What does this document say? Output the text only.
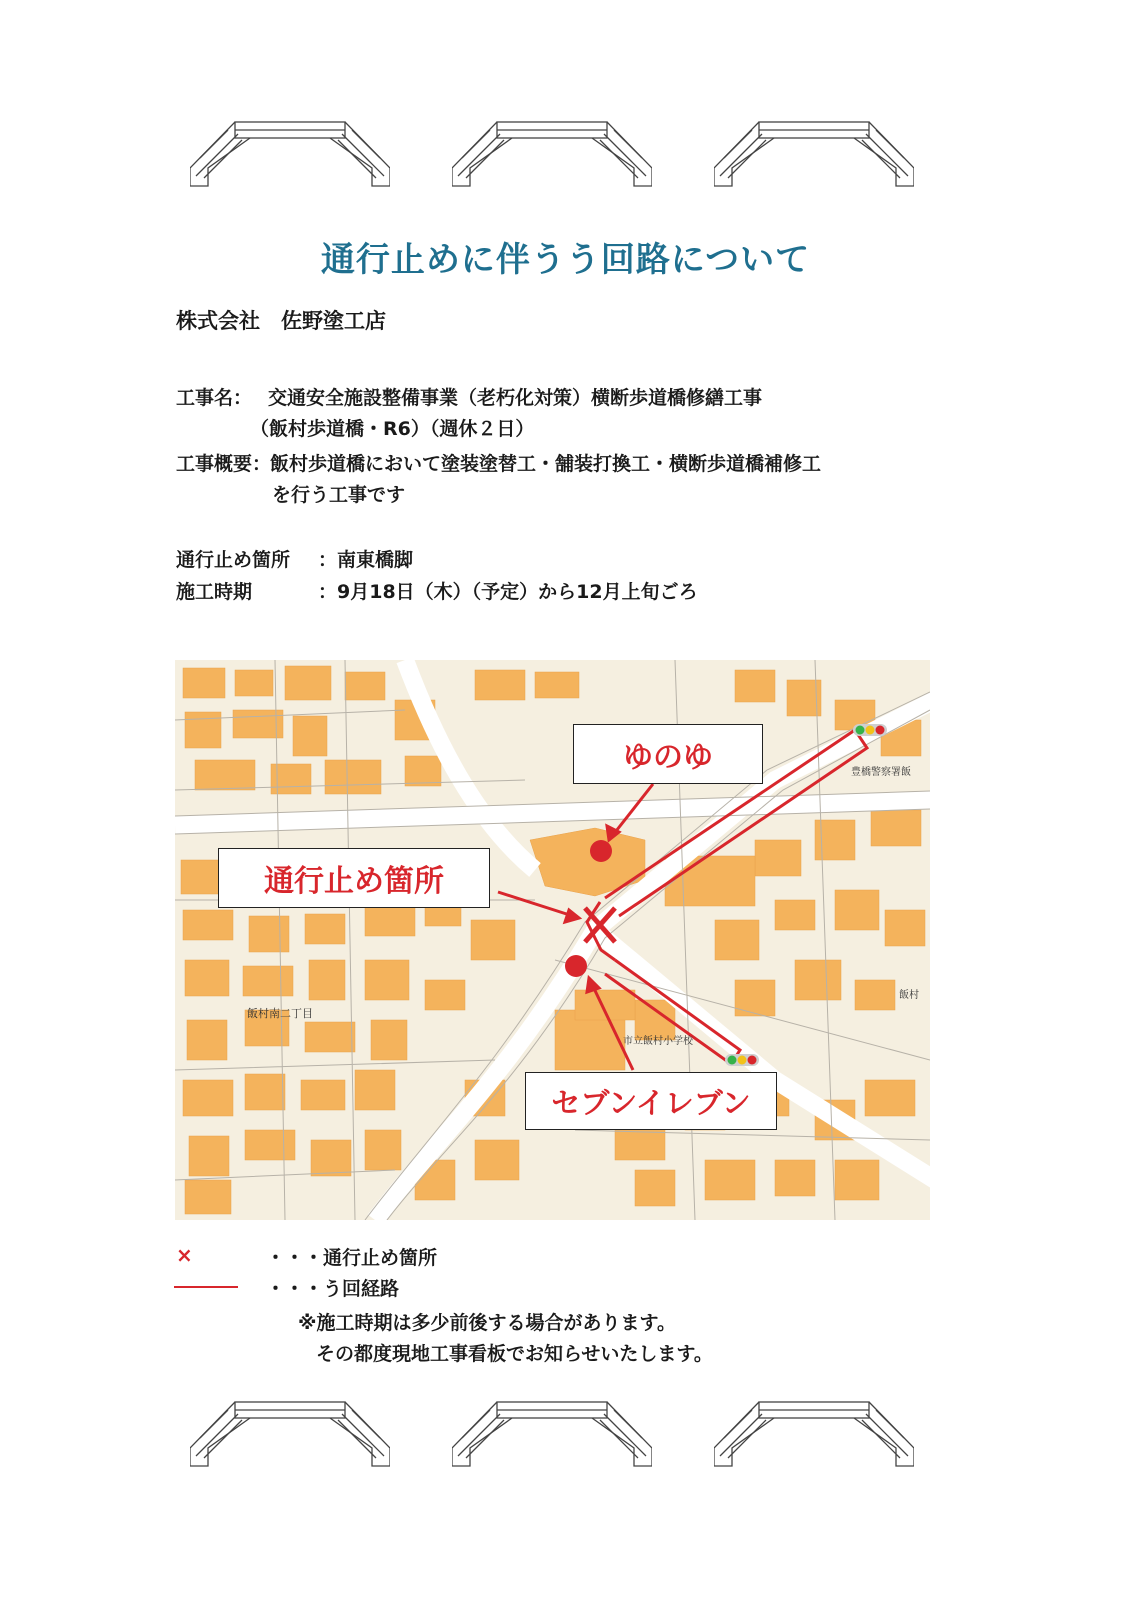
通行止めに伴うう回路について
株式会社　佐野塗工店
工事名： 交通安全施設整備事業（老朽化対策）横断歩道橋修繕工事
（飯村歩道橋・R6）（週休２日）
工事概要：
飯村歩道橋において塗装塗替工・舗装打換工・横断歩道橋補修工
を行う工事です
通行止め箇所 ：南東橋脚
施工時期	：9月18日（木）（予定）から12月上旬ごろ
ゆのゆ
通行止め箇所
セブンイレブン
飯村南二丁目
市立飯村小学校
豊橋警察署飯
飯村
×	・・・通行止め箇所
・・・う回経路
※施工時期は多少前後する場合があります。
その都度現地工事看板でお知らせいたします。
